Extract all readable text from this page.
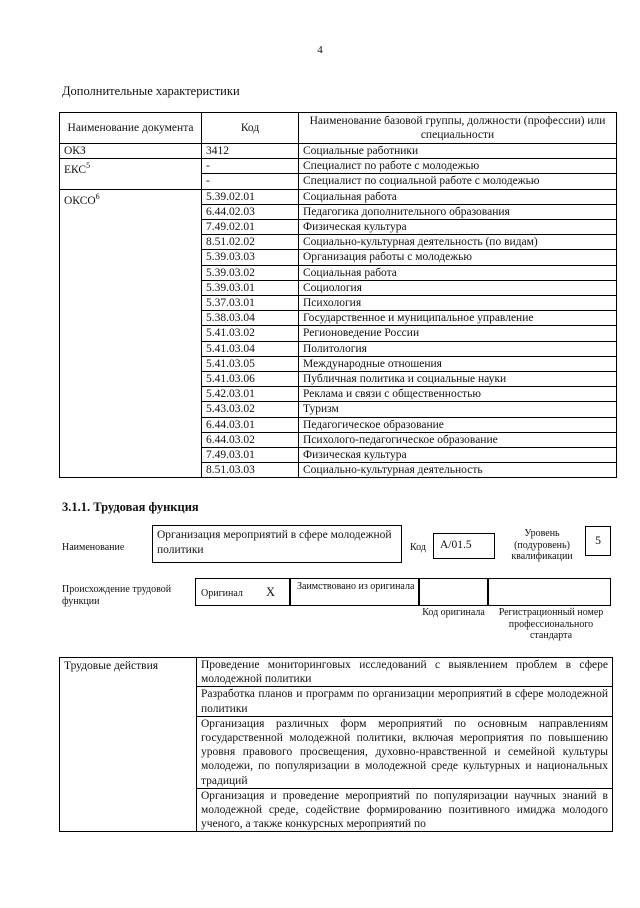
4
Дополнительные характеристики
Наименование документа	Код	Наименование базовой группы, должности (профессии) или специальности
ОКЗ	3412	Социальные работники
ЕКС$^5$	-	Специалист по работе с молодежью
	-	Специалист по социальной работе с молодежью
ОКСО$^6$	5.39.02.01	Социальная работа
	6.44.02.03	Педагогика дополнительного образования
	7.49.02.01	Физическая культура
	8.51.02.02	Социально-культурная деятельность (по видам)
	5.39.03.03	Организация работы с молодежью
	5.39.03.02	Социальная работа
	5.39.03.01	Социология
	5.37.03.01	Психология
	5.38.03.04	Государственное и муниципальное управление
	5.41.03.02	Регионоведение России
	5.41.03.04	Политология
	5.41.03.05	Международные отношения
	5.41.03.06	Публичная политика и социальные науки
	5.42.03.01	Реклама и связи с общественностью
	5.43.03.02	Туризм
	6.44.03.01	Педагогическое образование
	6.44.03.02	Психолого-педагогическое образование
	7.49.03.01	Физическая культура
	8.51.03.03	Социально-культурная деятельность
3.1.1. Трудовая функция
Наименование
Организация мероприятий в сфере молодежной политики	Код	A/01.5
Уровень (подуровень) квалификации
5
Происхождение трудовой функции
Оригинал X Заимствовано из оригинала
Код оригинала	Регистрационный номер профессионального стандарта
Трудовые действия	Проведение мониторинговых исследований с выявлением проблем в сфере молодежной политики
Разработка планов и программ по организации мероприятий в сфере молодежной политики
Организация различных форм мероприятий по основным направлениям государственной молодежной политики, включая мероприятия по повышению уровня правового просвещения, духовно-нравственной и семейной культуры молодежи, по популяризации в молодежной среде культурных и национальных традиций
Организация и проведение мероприятий по популяризации научных знаний в молодежной среде, содействие формированию позитивного имиджа молодого ученого, а также конкурсных мероприятий по
